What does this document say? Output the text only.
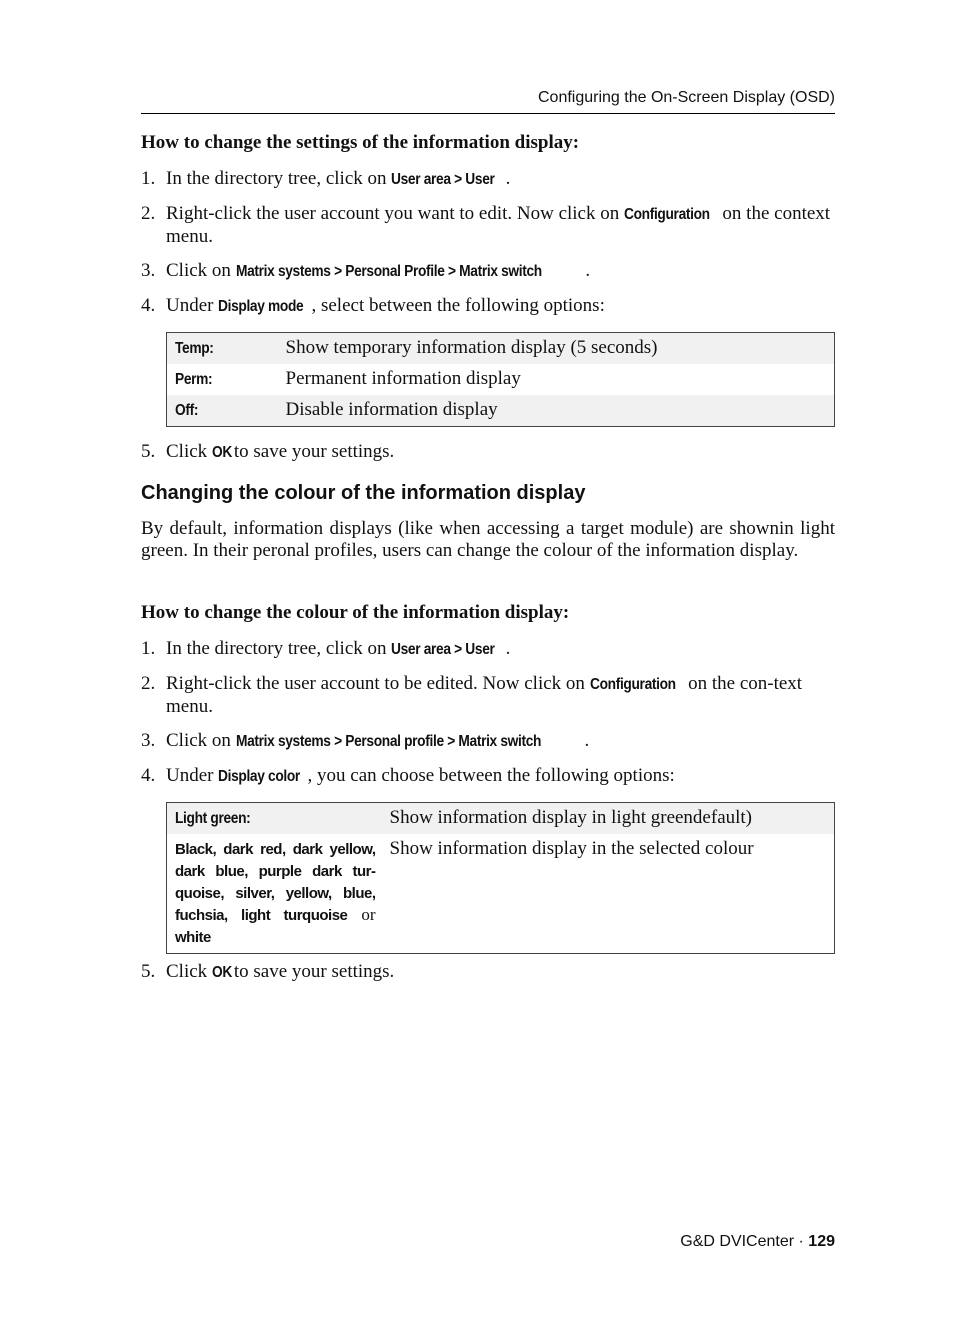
Configuring the On-Screen Display (OSD)
How to change the settings of the information display:
1. In the directory tree, click on User area > User .
2. Right-click the user account you want to edit. Now click on Configuration on the context menu.
3. Click on Matrix systems > Personal Profile > Matrix switch .
4. Under Display mode , select between the following options:
Temp:	Show temporary information display (5 seconds)
Perm:	Permanent information display
Off:	Disable information display
5. Click OK to save your settings.
Changing the colour of the information display
By default, information displays (like when accessing a target module) are shownin light green. In their peronal profiles, users can change the colour of the information display.
How to change the colour of the information display:
1. In the directory tree, click on User area > User .
2. Right-click the user account to be edited. Now click on Configuration on the con-text menu.
3. Click on Matrix systems > Personal profile > Matrix switch .
4. Under Display color , you can choose between the following options:
Light green:	Show information display in light greendefault)
Black, dark red, dark yellow, dark blue, purple dark tur-quoise, silver, yellow, blue, fuchsia, light turquoise or white	Show information display in the selected colour
5. Click OK to save your settings.
G&D DVICenter · 129
